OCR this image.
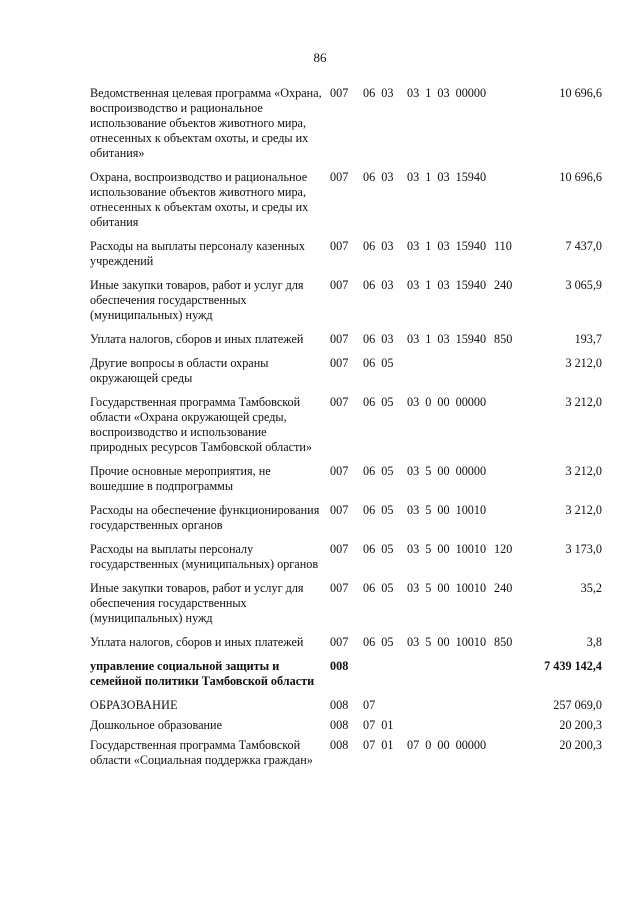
86
Ведомственная целевая программа «Охрана, воспроизводство и рациональное использование объектов животного мира, отнесенных к объектам охоты, и среды их обитания»
007	06 03	03 1 03 00000	10 696,6
Охрана, воспроизводство и рациональное использование объектов животного мира, отнесенных к объектам охоты, и среды их обитания
007	06 03	03 1 03 15940	10 696,6
Расходы на выплаты персоналу казенных учреждений
007	06 03	03 1 03 15940 110	7 437,0
Иные закупки товаров, работ и услуг для обеспечения государственных (муниципальных) нужд
007	06 03	03 1 03 15940 240	3 065,9
Уплата налогов, сборов и иных платежей	007	06 03	03 1 03 15940 850	193,7
Другие вопросы в области охраны окружающей среды
007	06 05	3 212,0
Государственная программа Тамбовской области «Охрана окружающей среды, воспроизводство и использование природных ресурсов Тамбовской области»
007	06 05	03 0 00 00000	3 212,0
Прочие основные мероприятия, не вошедшие в подпрограммы
007	06 05	03 5 00 00000	3 212,0
Расходы на обеспечение функционирования государственных органов
007	06 05	03 5 00 10010	3 212,0
Расходы на выплаты персоналу государственных (муниципальных) органов
007	06 05	03 5 00 10010 120	3 173,0
Иные закупки товаров, работ и услуг для обеспечения государственных (муниципальных) нужд
007	06 05	03 5 00 10010 240	35,2
Уплата налогов, сборов и иных платежей	007	06 05	03 5 00 10010 850	3,8
управление социальной защиты и семейной политики Тамбовской области
008	7 439 142,4
ОБРАЗОВАНИЕ	008	07	257 069,0
Дошкольное образование	008	07 01	20 200,3
Государственная программа Тамбовской области «Социальная поддержка граждан»
008	07 01	07 0 00 00000	20 200,3
